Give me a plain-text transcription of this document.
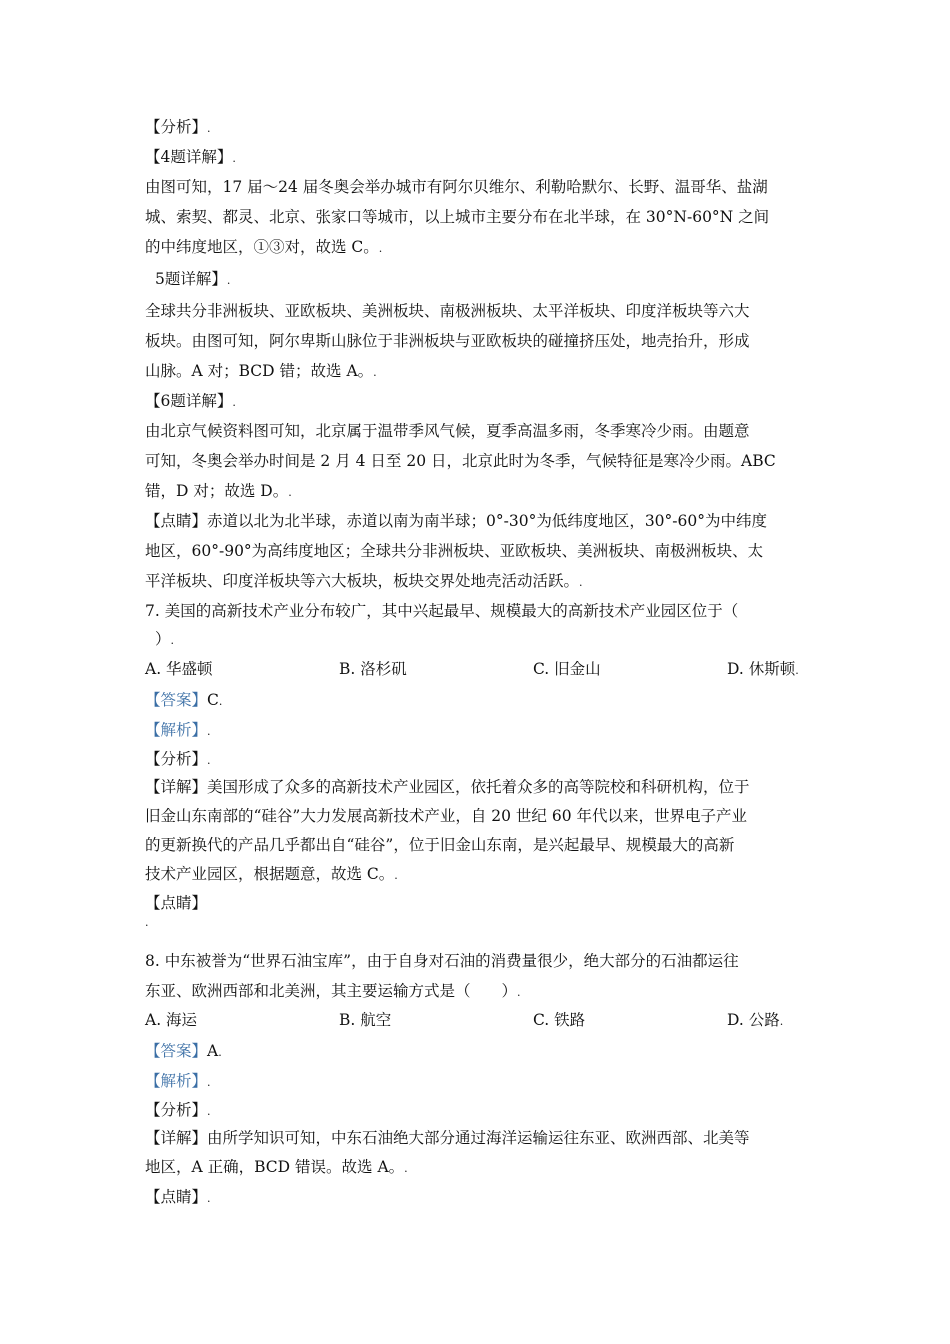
【分析】.
【4题详解】.
由图可知，17 届～24 届冬奥会举办城市有阿尔贝维尔、利勒哈默尔、长野、温哥华、盐湖
城、索契、都灵、北京、张家口等城市，以上城市主要分布在北半球，在 30°N-60°N 之间
的中纬度地区，①③对，故选 C。.
5题详解】.
全球共分非洲板块、亚欧板块、美洲板块、南极洲板块、太平洋板块、印度洋板块等六大
板块。由图可知，阿尔卑斯山脉位于非洲板块与亚欧板块的碰撞挤压处，地壳抬升，形成
山脉。A 对；BCD 错；故选 A。.
【6题详解】.
由北京气候资料图可知，北京属于温带季风气候，夏季高温多雨，冬季寒冷少雨。由题意
可知，冬奥会举办时间是 2 月 4 日至 20 日，北京此时为冬季，气候特征是寒冷少雨。ABC
错，D 对；故选 D。.
【点睛】赤道以北为北半球，赤道以南为南半球；0°-30°为低纬度地区，30°-60°为中纬度
地区，60°-90°为高纬度地区；全球共分非洲板块、亚欧板块、美洲板块、南极洲板块、太
平洋板块、印度洋板块等六大板块，板块交界处地壳活动活跃。.
7. 美国的高新技术产业分布较广，其中兴起最早、规模最大的高新技术产业园区位于（
）.
A. 华盛顿	B. 洛杉矶	C. 旧金山	D. 休斯顿.
【答案】C.
【解析】.
【分析】.
【详解】美国形成了众多的高新技术产业园区，依托着众多的高等院校和科研机构，位于
旧金山东南部的“硅谷”大力发展高新技术产业，自 20 世纪 60 年代以来，世界电子产业
的更新换代的产品几乎都出自“硅谷”，位于旧金山东南，是兴起最早、规模最大的高新
技术产业园区，根据题意，故选 C。.
【点睛】
.
8. 中东被誉为“世界石油宝库”，由于自身对石油的消费量很少，绝大部分的石油都运往
东亚、欧洲西部和北美洲，其主要运输方式是（　　）.
A. 海运	B. 航空	C. 铁路	D. 公路.
【答案】A.
【解析】.
【分析】.
【详解】由所学知识可知，中东石油绝大部分通过海洋运输运往东亚、欧洲西部、北美等
地区，A 正确，BCD 错误。故选 A。.
【点睛】.
